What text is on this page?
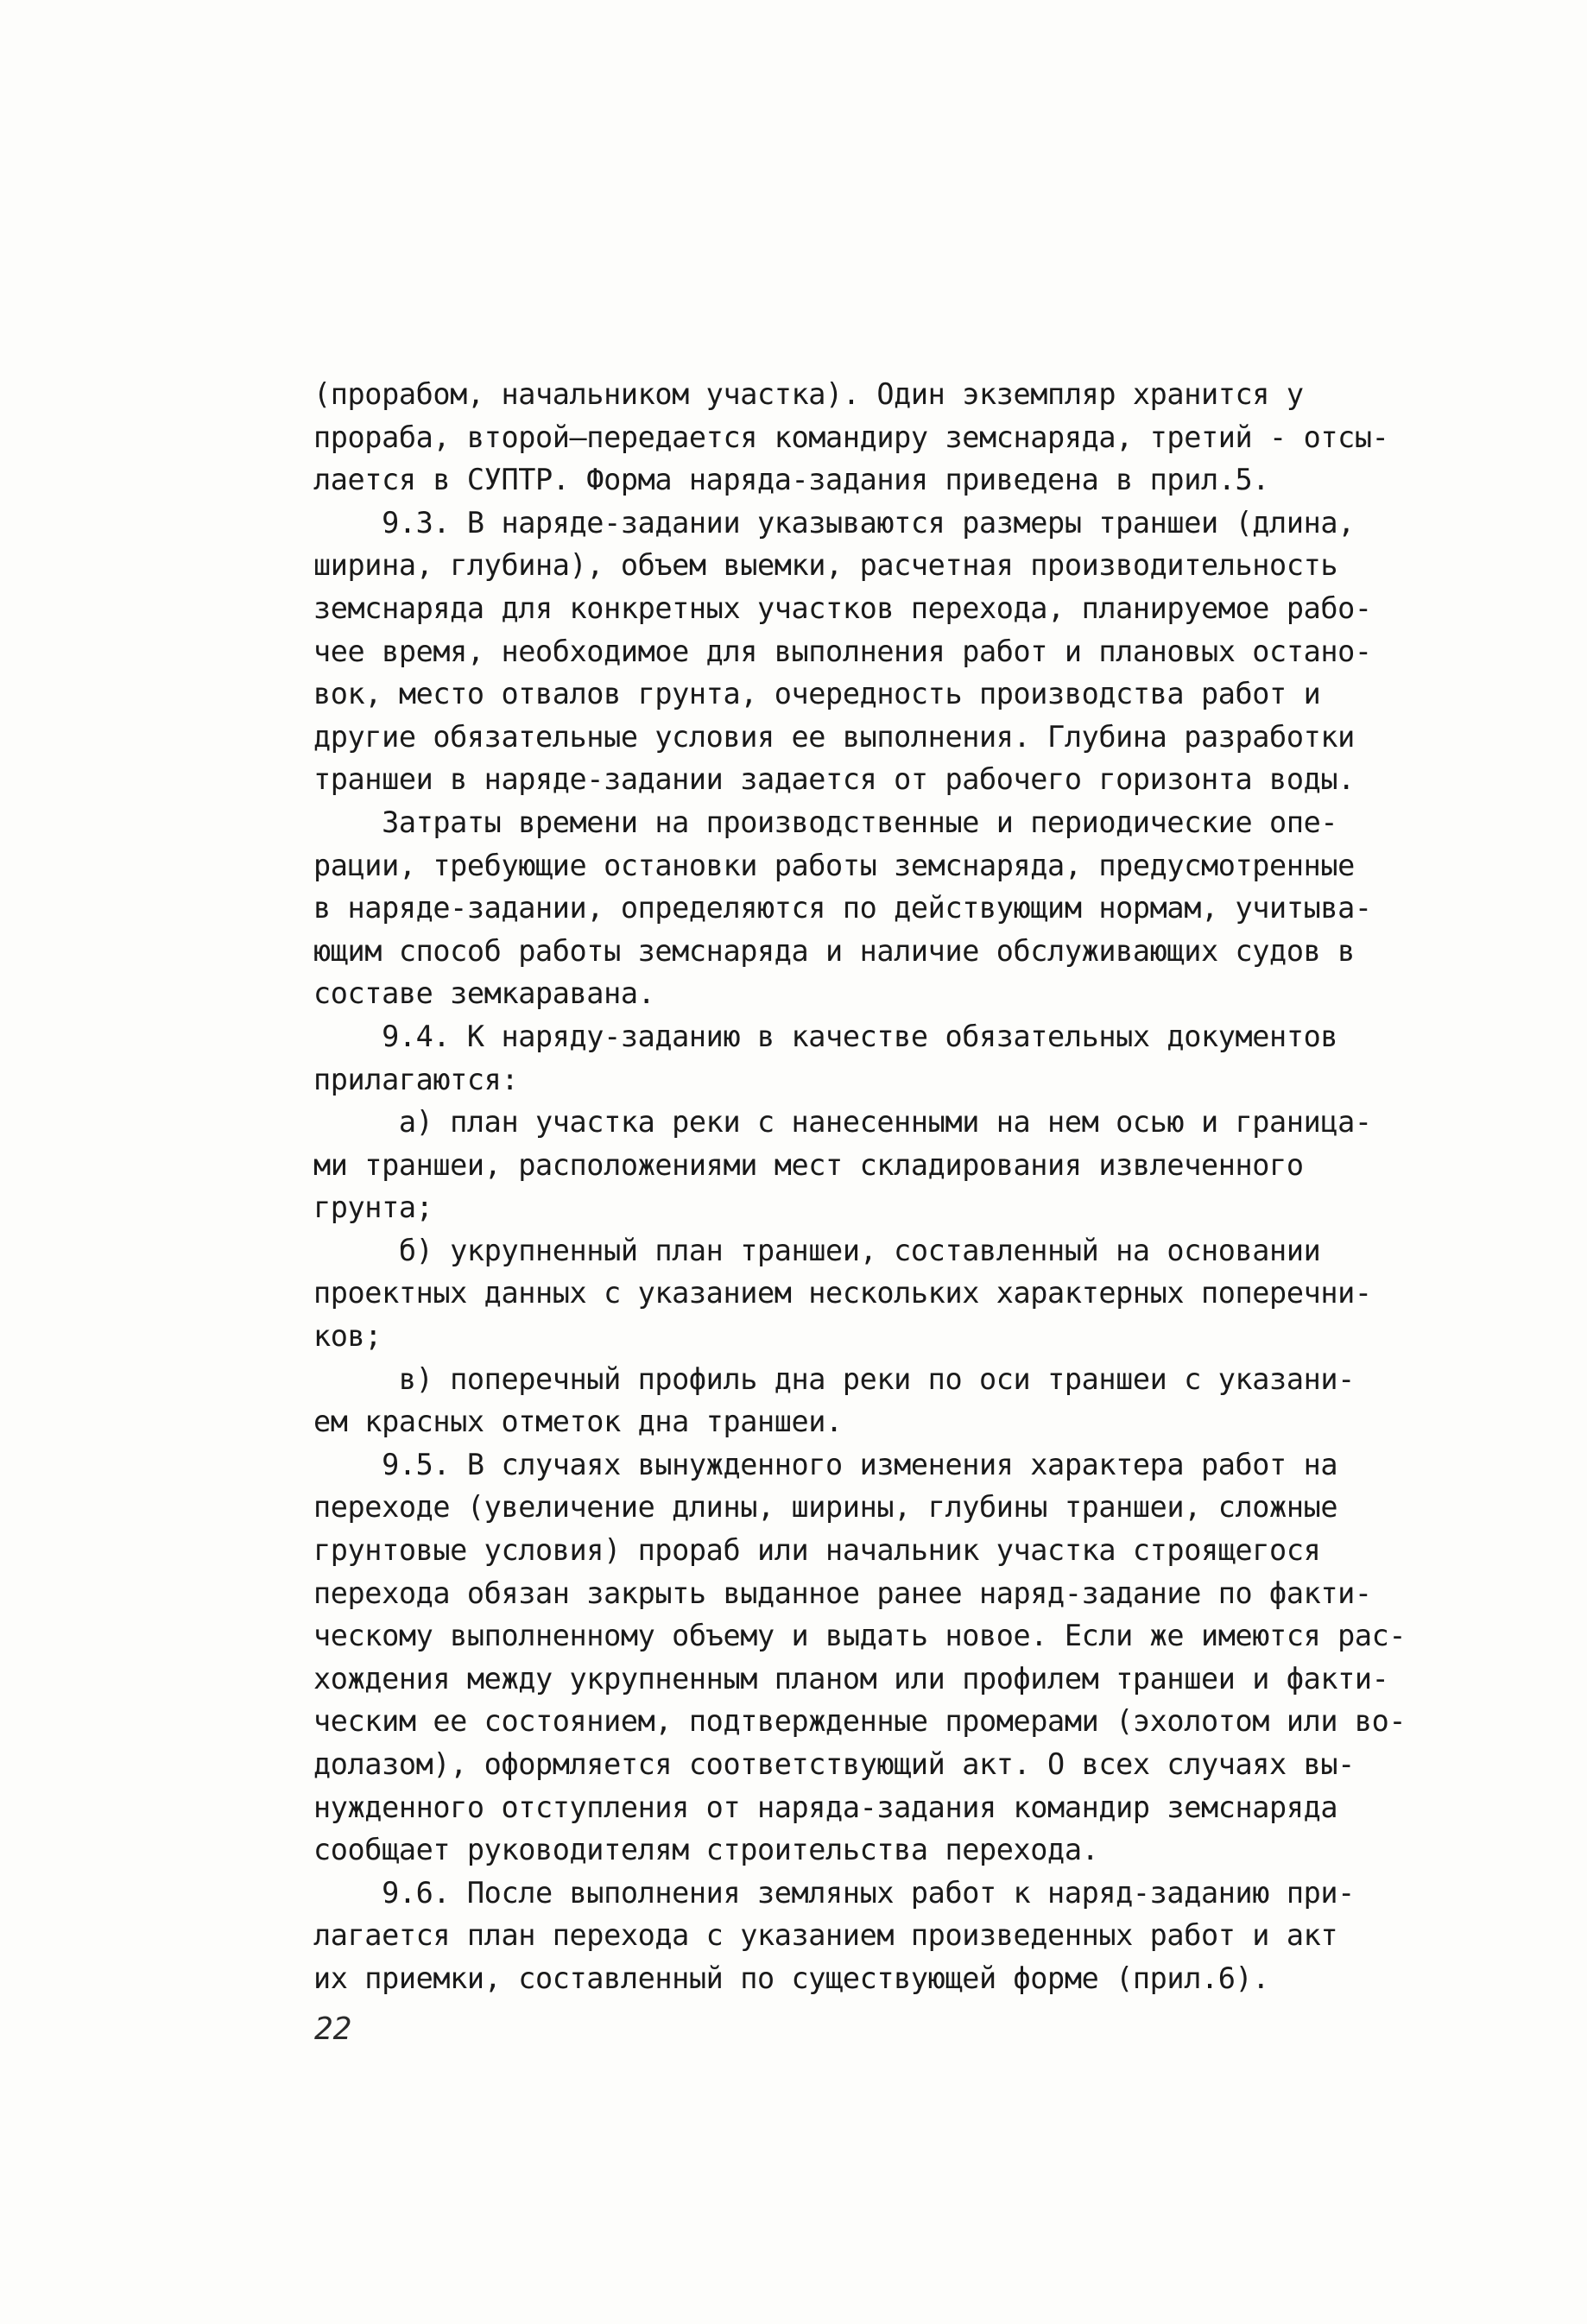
(прорабом, начальником участка). Один экземпляр хранится у
прораба, второй—передается командиру земснаряда, третий - отсы-
лается в СУПТР. Форма наряда-задания приведена в прил.5.
9.3. В наряде-задании указываются размеры траншеи (длина,
ширина, глубина), объем выемки, расчетная производительность
земснаряда для конкретных участков перехода, планируемое рабо-
чее время, необходимое для выполнения работ и плановых остано-
вок, место отвалов грунта, очередность производства работ и
другие обязательные условия ее выполнения. Глубина разработки
траншеи в наряде-задании задается от рабочего горизонта воды.
Затраты времени на производственные и периодические опе-
рации, требующие остановки работы земснаряда, предусмотренные
в наряде-задании, определяются по действующим нормам, учитыва-
ющим способ работы земснаряда и наличие обслуживающих судов в
составе земкаравана.
9.4. К наряду-заданию в качестве обязательных документов
прилагаются:
а) план участка реки с нанесенными на нем осью и граница-
ми траншеи, расположениями мест складирования извлеченного
грунта;
б) укрупненный план траншеи, составленный на основании
проектных данных с указанием нескольких характерных поперечни-
ков;
в) поперечный профиль дна реки по оси траншеи с указани-
ем красных отметок дна траншеи.
9.5. В случаях вынужденного изменения характера работ на
переходе (увеличение длины, ширины, глубины траншеи, сложные
грунтовые условия) прораб или начальник участка строящегося
перехода обязан закрыть выданное ранее наряд-задание по факти-
ческому выполненному объему и выдать новое. Если же имеются рас-
хождения между укрупненным планом или профилем траншеи и факти-
ческим ее состоянием, подтвержденные промерами (эхолотом или во-
долазом), оформляется соответствующий акт. О всех случаях вы-
нужденного отступления от наряда-задания командир земснаряда
сообщает руководителям строительства перехода.
9.6. После выполнения земляных работ к наряд-заданию при-
лагается план перехода с указанием произведенных работ и акт
их приемки, составленный по существующей форме (прил.6).
22
